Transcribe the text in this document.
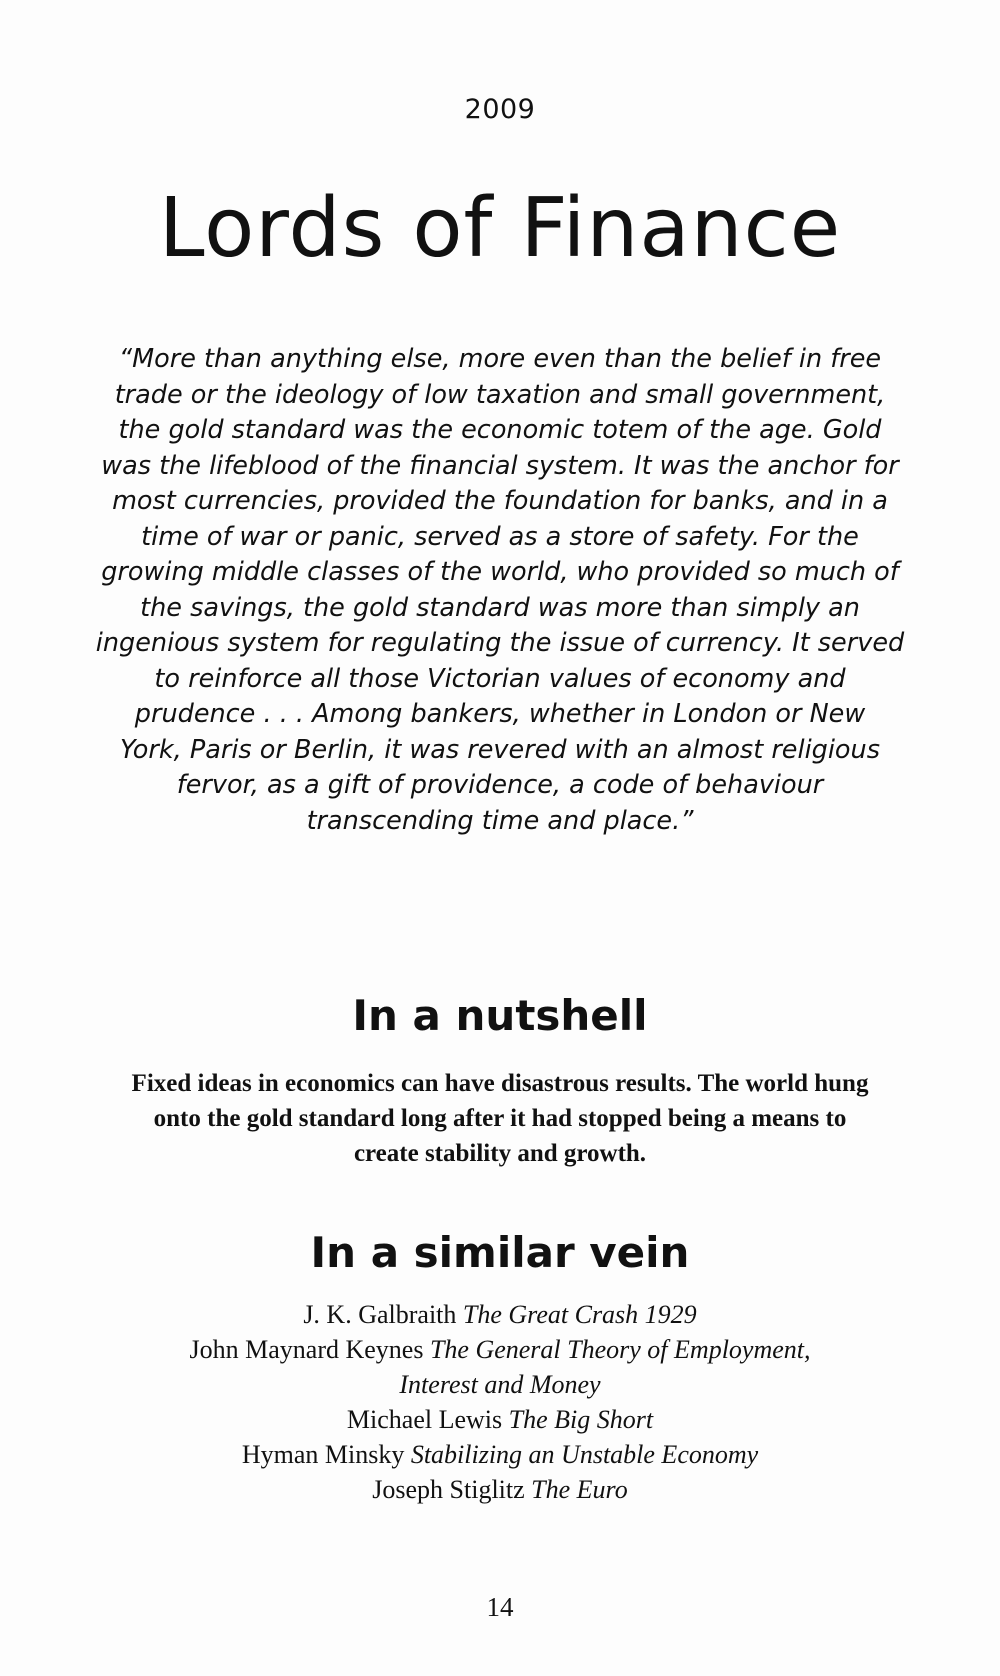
2009
Lords of Finance
“More than anything else, more even than the belief in free
trade or the ideology of low taxation and small government,
the gold standard was the economic totem of the age. Gold
was the lifeblood of the financial system. It was the anchor for
most currencies, provided the foundation for banks, and in a
time of war or panic, served as a store of safety. For the
growing middle classes of the world, who provided so much of
the savings, the gold standard was more than simply an
ingenious system for regulating the issue of currency. It served
to reinforce all those Victorian values of economy and
prudence . . . Among bankers, whether in London or New
York, Paris or Berlin, it was revered with an almost religious
fervor, as a gift of providence, a code of behaviour
transcending time and place.”
In a nutshell
Fixed ideas in economics can have disastrous results. The world hung
onto the gold standard long after it had stopped being a means to
create stability and growth.
In a similar vein
J. K. Galbraith The Great Crash 1929
John Maynard Keynes The General Theory of Employment,
Interest and Money
Michael Lewis The Big Short
Hyman Minsky Stabilizing an Unstable Economy
Joseph Stiglitz The Euro
14
